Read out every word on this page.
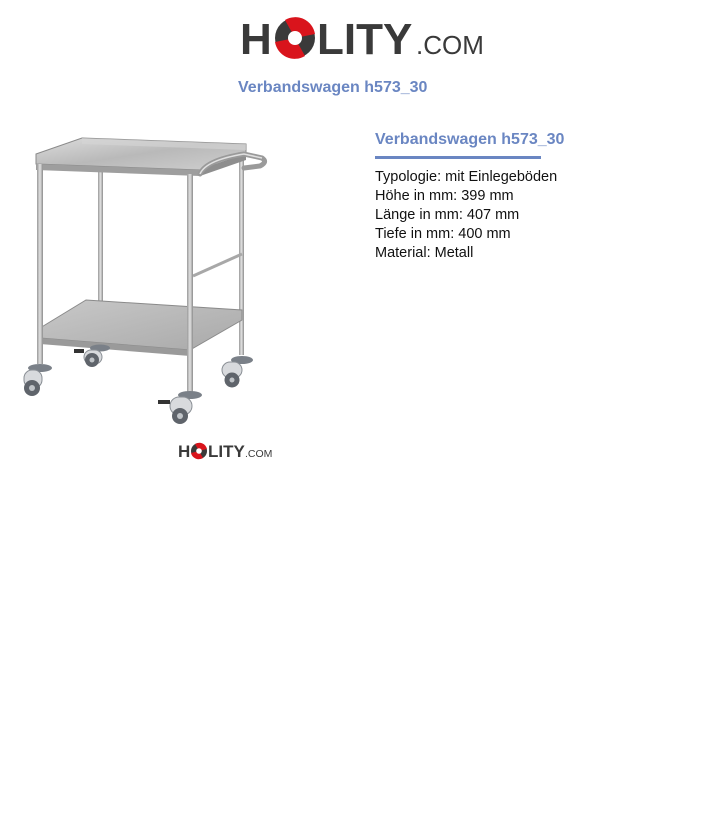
H LITY .COM
Verbandswagen h573_30
H LITY .COM
Verbandswagen h573_30
Typologie: mit Einlegeböden
Höhe in mm: 399 mm
Länge in mm: 407 mm
Tiefe in mm: 400 mm
Material: Metall
